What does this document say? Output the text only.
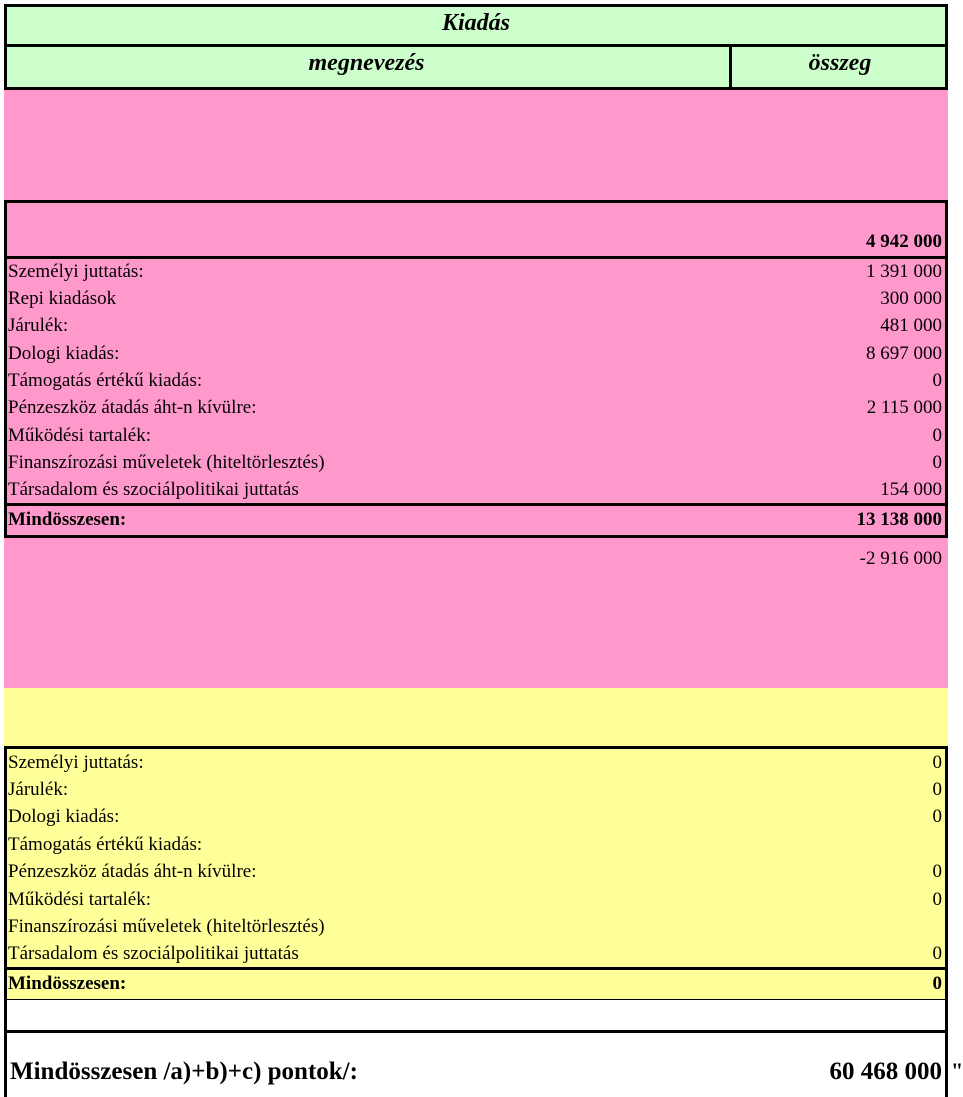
Kiadás
megnevezés	összeg
4 942 000
Személyi juttatás:	1 391 000
Repi kiadások	300 000
Járulék:	481 000
Dologi kiadás:	8 697 000
Támogatás értékű kiadás:	0
Pénzeszköz átadás áht-n kívülre:	2 115 000
Működési tartalék:	0
Finanszírozási műveletek (hiteltörlesztés)	0
Társadalom és szociálpolitikai juttatás	154 000
Mindösszesen:	13 138 000
-2 916 000
Személyi juttatás:	0
Járulék:	0
Dologi kiadás:	0
Támogatás értékű kiadás:
Pénzeszköz átadás áht-n kívülre:	0
Működési tartalék:	0
Finanszírozási műveletek (hiteltörlesztés)
Társadalom és szociálpolitikai juttatás	0
Mindösszesen:	0
Mindösszesen /a)+b)+c) pontok/:	60 468 000 "
